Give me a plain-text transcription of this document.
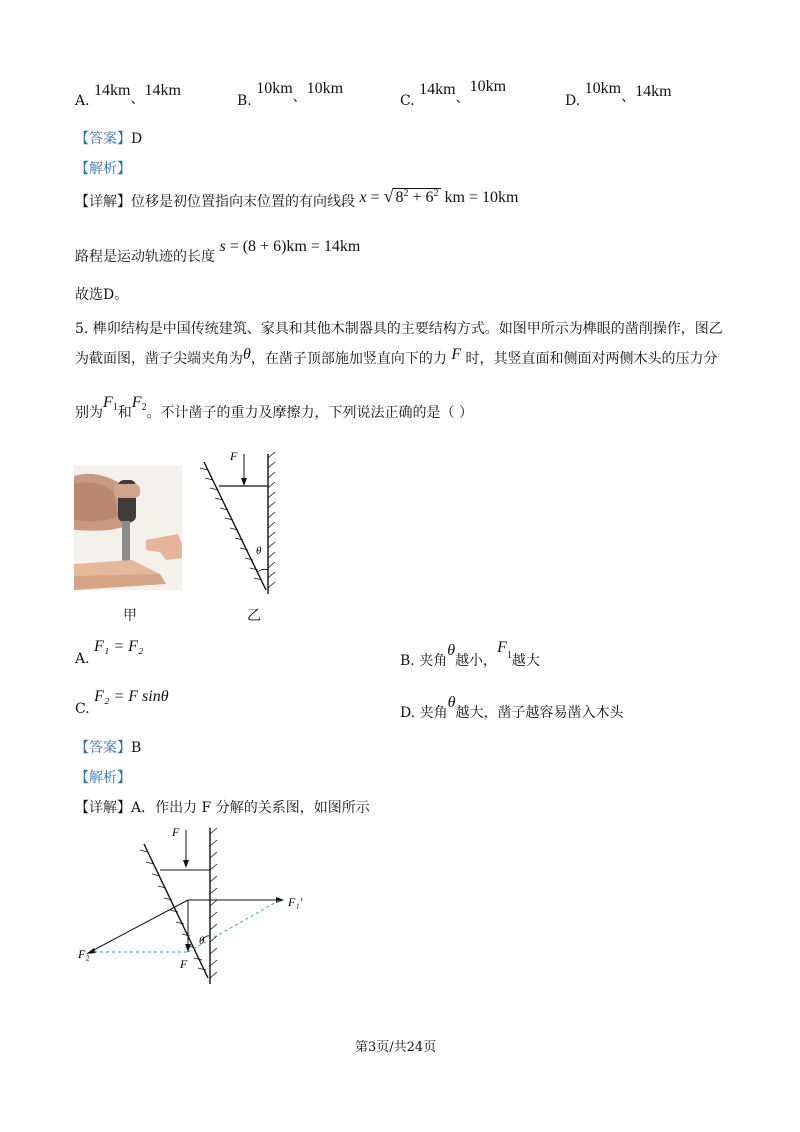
A. 14km、14km
B. 10km、10km
C. 14km、10km
D. 10km、14km
【答案】D
【解析】
【详解】位移是初位置指向末位置的有向线段 x = √ $8^2 + 6^2$ km = 10km
路程是运动轨迹的长度 s = (8 + 6)km = 14km
故选D。
5. 榫卯结构是中国传统建筑、家具和其他木制器具的主要结构方式。如图甲所示为榫眼的凿削操作，图乙
为截面图，凿子尖端夹角为θ，在凿子顶部施加竖直向下的力 F 时，其竖直面和侧面对两侧木头的压力分
别为$F_1$和$F_2$。不计凿子的重力及摩擦力，下列说法正确的是（ ）
甲
F
θ
乙
A. F₁ = F₂
B. 夹角θ越小，$F_1$越大
C. F₂ = F sinθ
D. 夹角θ越大，凿子越容易凿入木头
【答案】B
【解析】
【详解】A．作出力 F 分解的关系图，如图所示
F
F₁′
F₂′
F
θ
第3页/共24页
